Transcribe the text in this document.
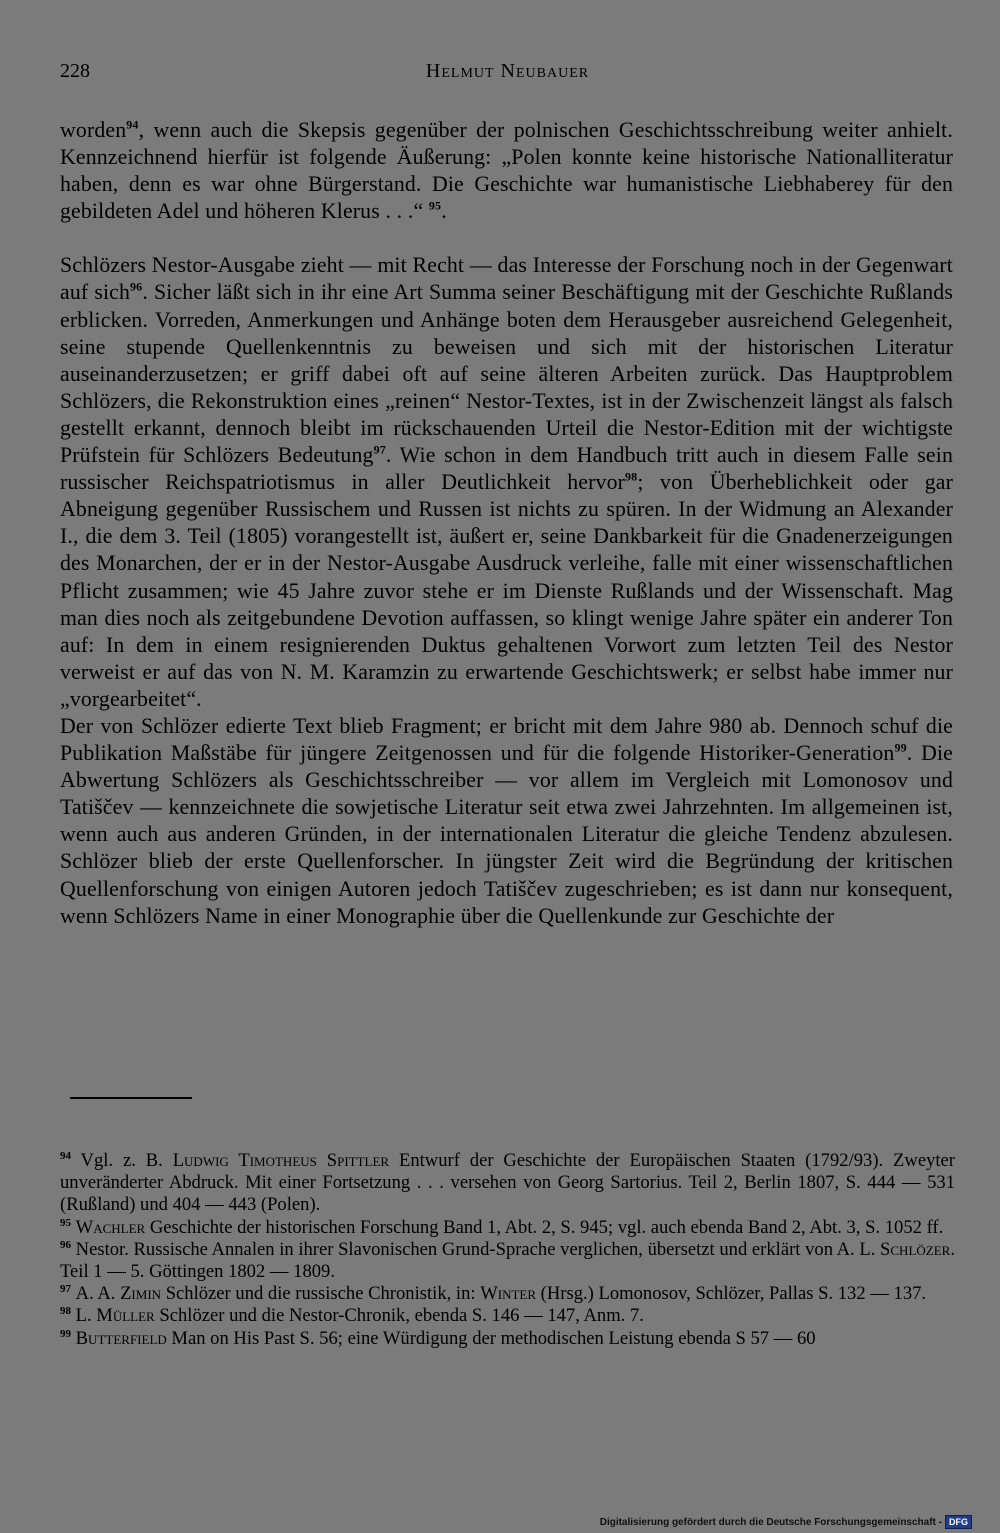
228	Helmut Neubauer

worden$^{94}$, wenn auch die Skepsis gegenüber der polnischen Geschichtsschreibung weiter anhielt. Kennzeichnend hierfür ist folgende Äußerung: „Polen konnte keine historische Nationalliteratur haben, denn es war ohne Bürgerstand. Die Geschichte war humanistische Liebhaberey für den gebildeten Adel und höheren Klerus . . .“ $^{95}$.

Schlözers Nestor-Ausgabe zieht — mit Recht — das Interesse der Forschung noch in der Gegenwart auf sich$^{96}$. Sicher läßt sich in ihr eine Art Summa seiner Beschäftigung mit der Geschichte Rußlands erblicken. Vorreden, Anmerkungen und Anhänge boten dem Herausgeber ausreichend Gelegenheit, seine stupende Quellenkenntnis zu beweisen und sich mit der historischen Literatur auseinanderzusetzen; er griff dabei oft auf seine älteren Arbeiten zurück. Das Hauptproblem Schlözers, die Rekonstruktion eines „reinen“ Nestor-Textes, ist in der Zwischenzeit längst als falsch gestellt erkannt, dennoch bleibt im rückschauenden Urteil die Nestor-Edition mit der wichtigste Prüfstein für Schlözers Bedeutung$^{97}$. Wie schon in dem Handbuch tritt auch in diesem Falle sein russischer Reichspatriotismus in aller Deutlichkeit hervor$^{98}$; von Überheblichkeit oder gar Abneigung gegenüber Russischem und Russen ist nichts zu spüren. In der Widmung an Alexander I., die dem 3. Teil (1805) vorangestellt ist, äußert er, seine Dankbarkeit für die Gnadenerzeigungen des Monarchen, der er in der Nestor-Ausgabe Ausdruck verleihe, falle mit einer wissenschaftlichen Pflicht zusammen; wie 45 Jahre zuvor stehe er im Dienste Rußlands und der Wissenschaft. Mag man dies noch als zeitgebundene Devotion auffassen, so klingt wenige Jahre später ein anderer Ton auf: In dem in einem resignierenden Duktus gehaltenen Vorwort zum letzten Teil des Nestor verweist er auf das von N. M. Karamzin zu erwartende Geschichtswerk; er selbst habe immer nur „vorgearbeitet“.

Der von Schlözer edierte Text blieb Fragment; er bricht mit dem Jahre 980 ab. Dennoch schuf die Publikation Maßstäbe für jüngere Zeitgenossen und für die folgende Historiker-Generation$^{99}$. Die Abwertung Schlözers als Geschichtsschreiber — vor allem im Vergleich mit Lomonosov und Tatiščev — kennzeichnete die sowjetische Literatur seit etwa zwei Jahrzehnten. Im allgemeinen ist, wenn auch aus anderen Gründen, in der internationalen Literatur die gleiche Tendenz abzulesen. Schlözer blieb der erste Quellenforscher. In jüngster Zeit wird die Begründung der kritischen Quellenforschung von einigen Autoren jedoch Tatiščev zugeschrieben; es ist dann nur konsequent, wenn Schlözers Name in einer Monographie über die Quellenkunde zur Geschichte der

$^{94}$ Vgl. z. B. Ludwig Timotheus Spittler Entwurf der Geschichte der Europäischen Staaten (1792/93). Zweyter unveränderter Abdruck. Mit einer Fortsetzung . . . versehen von Georg Sartorius. Teil 2, Berlin 1807, S. 444 — 531 (Rußland) und 404 — 443 (Polen).

$^{95}$ Wachler Geschichte der historischen Forschung Band 1, Abt. 2, S. 945; vgl. auch ebenda Band 2, Abt. 3, S. 1052 ff.

$^{96}$ Nestor. Russische Annalen in ihrer Slavonischen Grund-Sprache verglichen, übersetzt und erklärt von A. L. Schlözer. Teil 1 — 5. Göttingen 1802 — 1809.

$^{97}$ A. A. Zimin Schlözer und die russische Chronistik, in: Winter (Hrsg.) Lomonosov, Schlözer, Pallas S. 132 — 137.

$^{98}$ L. Müller Schlözer und die Nestor-Chronik, ebenda S. 146 — 147, Anm. 7.

$^{99}$ Butterfield Man on His Past S. 56; eine Würdigung der methodischen Leistung ebenda S 57 — 60

Digitalisierung gefördert durch die Deutsche Forschungsgemeinschaft - DFG
